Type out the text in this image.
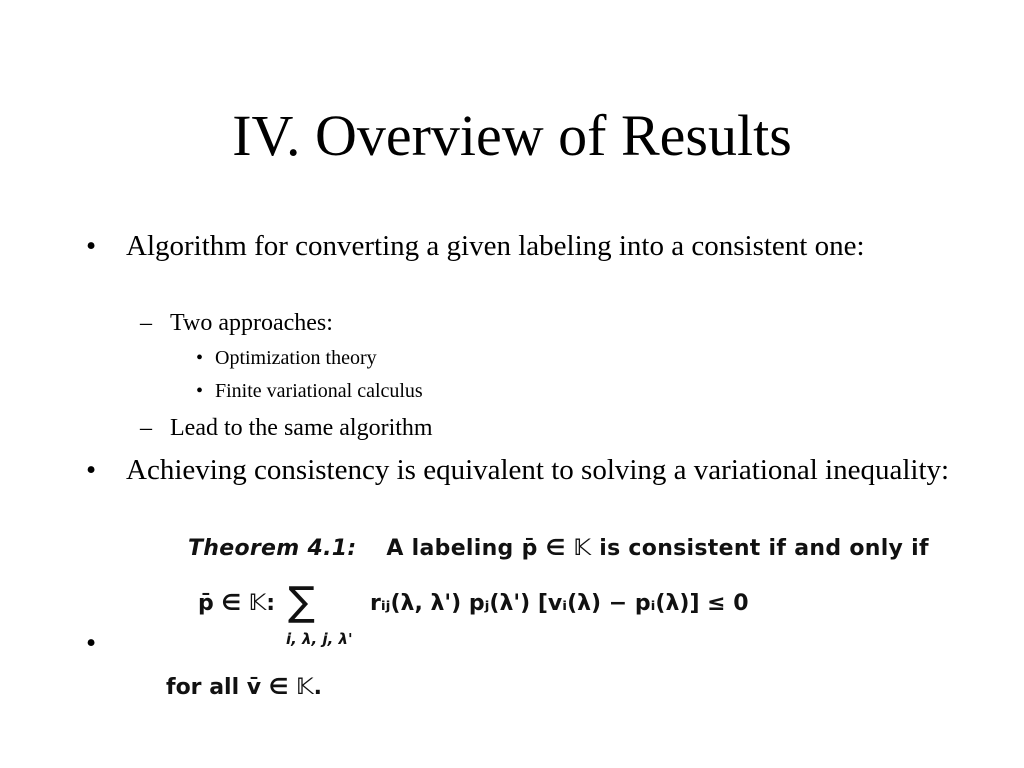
IV. Overview of Results
•	Algorithm for converting a given labeling into a consistent one:
– Two approaches:
• Optimization theory
• Finite variational calculus
– Lead to the same algorithm
•	Achieving consistency is equivalent to solving a variational inequality:
•
Theorem 4.1: A labeling p̄ ∈ 𝕂 is consistent if and only if
p̄ ∈ 𝕂: ∑
i, λ, j, λ'
rᵢⱼ(λ, λ') pⱼ(λ') [vᵢ(λ) − pᵢ(λ)] ≤ 0
for all v̄ ∈ 𝕂.
